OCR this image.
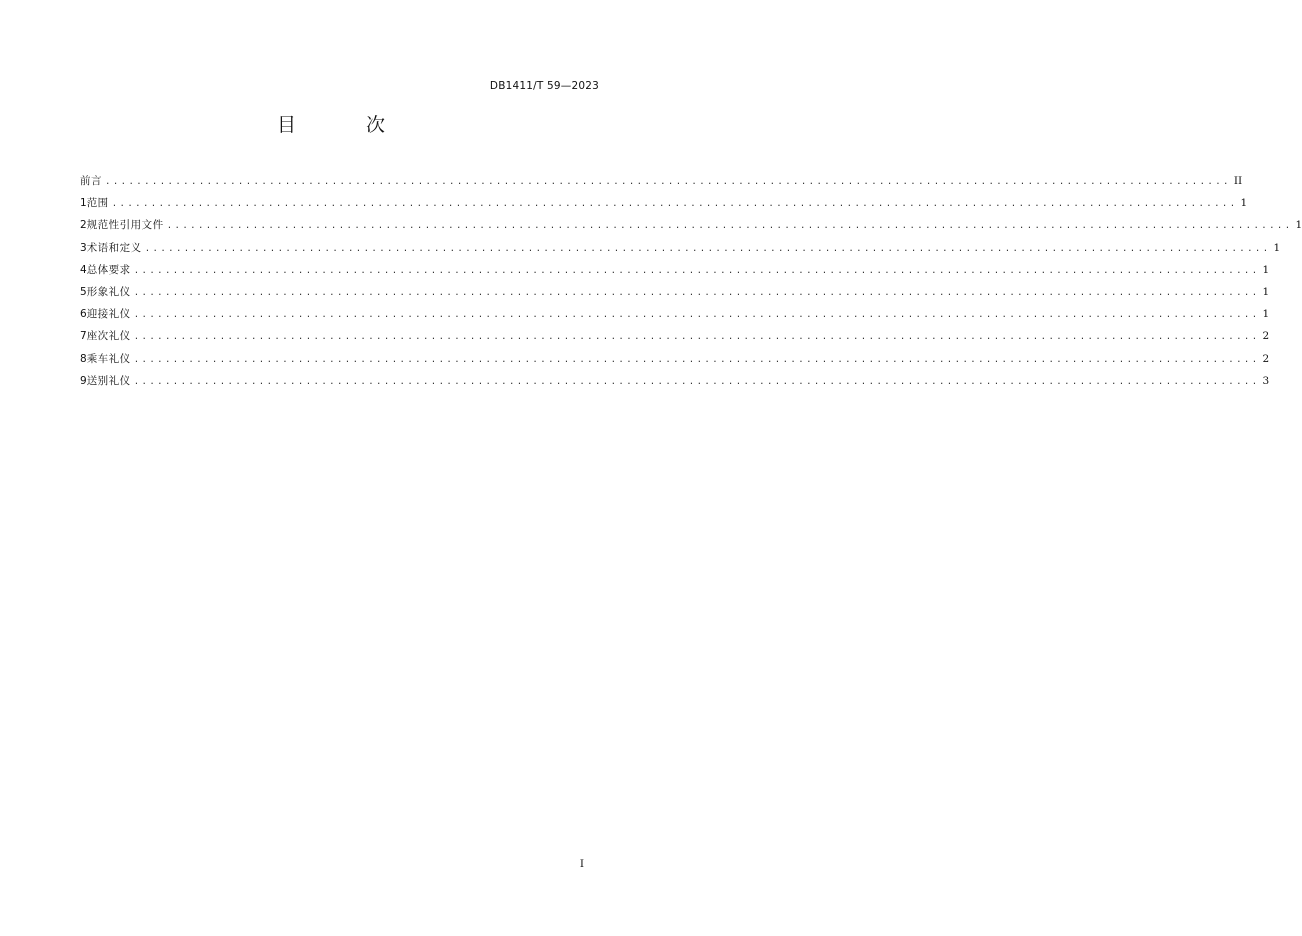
DB1411/T 59—2023
目 次
前言 ................................................................................................................................................ II
1 范围 ................................................................................................................................................ 1
2 规范性引用文件 ................................................................................................................................................ 1
3 术语和定义 ................................................................................................................................................ 1
4 总体要求 ................................................................................................................................................ 1
5 形象礼仪 ................................................................................................................................................ 1
6 迎接礼仪 ................................................................................................................................................ 1
7 座次礼仪 ................................................................................................................................................ 2
8 乘车礼仪 ................................................................................................................................................ 2
9 送别礼仪 ................................................................................................................................................ 3
I
